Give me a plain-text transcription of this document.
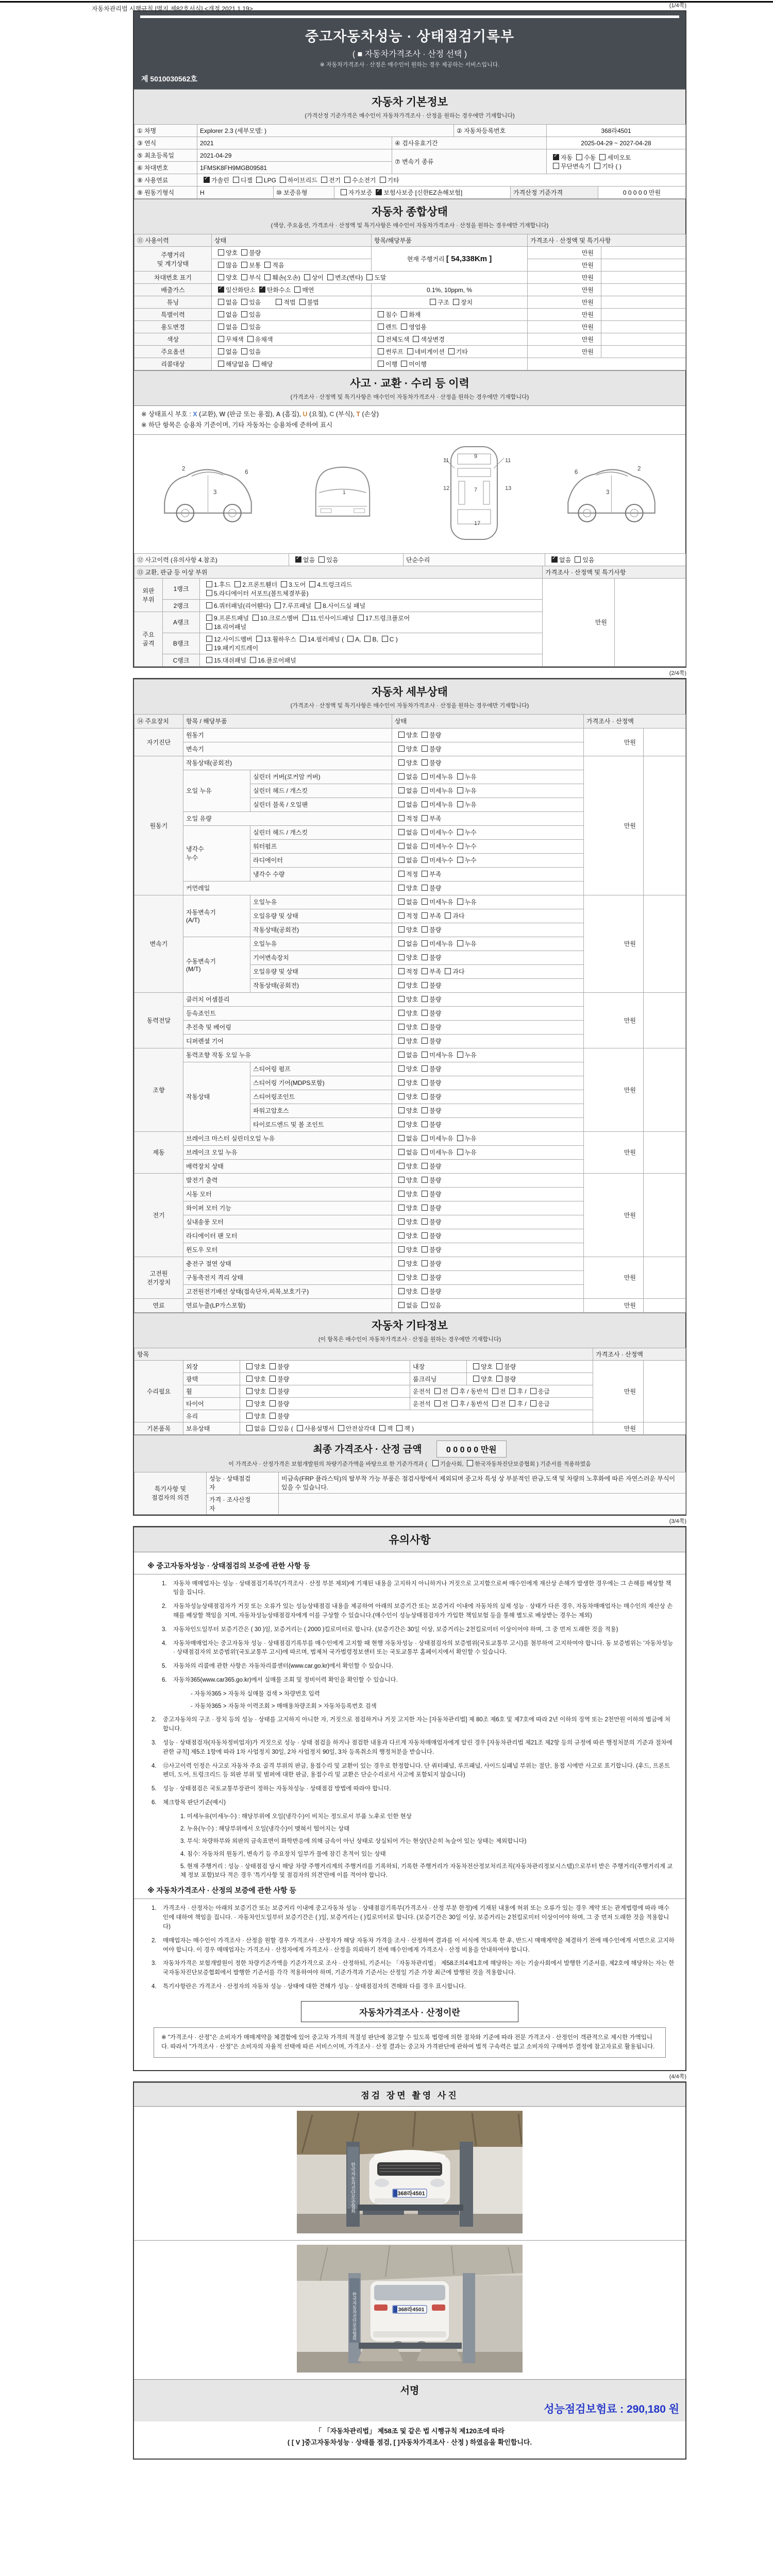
자동차관리법 시행규칙 [별지 제82호서식] <개정 2021.1.19>	(1/4쪽)
중고자동차성능 · 상태점검기록부
( ■ 자동차가격조사 · 산정 선택 )
※ 자동차가격조사 · 산정은 매수인이 원하는 경우 제공하는 서비스입니다.
제 5010030562호
자동차 기본정보
(가격산정 기준가격은 매수인이 자동차가격조사 · 산정을 원하는 경우에만 기재합니다)
① 차명	Explorer 2.3 (세부모델: )	② 자동차등록번호	368라4501
③ 연식	2021	④ 검사유효기간	2025-04-29 ~ 2027-04-28
⑤ 최초등록일	2021-04-29	⑦ 변속기 종류	✓자동 수동 세미오토
무단변속기 기타 ( )
⑥ 차대번호	1FMSK8FH9MGB09581		
⑧ 사용연료	✓가솔린 디젤 LPG 하이브리드 전기 수소전기 기타
⑨ 원동기형식	H	⑩ 보증유형	자가보증 ✓ 보험사보증 [신한EZ손해보험]	가격산정 기준가격	0 0 0 0 0 만원
자동차 종합상태
(색상, 주요옵션, 가격조사 · 산정액 및 특기사항은 매수인이 자동차가격조사 · 산정을 원하는 경우에만 기재합니다)
⑪ 사용이력	상태	항목/해당부품	가격조사 · 산정액 및 특기사항	
주행거리
및 계기상태	양호 불량	현재 주행거리 [ 54,338Km ]	만원	
	많음 보통 적음		만원	
차대번호 표기	양호 부식 훼손(오손) 상이 변조(변타) 도말		만원	
배출가스	✓일산화탄소 ✓ 탄화수소 매연	0.1%, 10ppm, %	만원	
튜닝	없음 있음 적법 불법	구조 장치	만원	
특별이력	없음 있음	침수 화재	만원	
용도변경	없음 있음	렌트 영업용	만원	
색상	무채색 유채색	전체도색 색상변경	만원	
주요옵션	없음 있음	썬루프 네비게이션 기타	만원	
리콜대상	해당없음 해당	이행 미이행		
사고 · 교환 · 수리 등 이력
(가격조사 · 산정액 및 특기사항은 매수인이 자동차가격조사 · 산정을 원하는 경우에만 기재합니다)
※ 상태표시 부호 : X (교환), W (판금 또는 용접), A (흠집), U (요철), C (부식), T (손상)
※ 하단 항목은 승용차 기준이며, 기타 자동차는 승용차에 준하여 표시
2
3
6
1
11
9
11
12	7	13
17
2
3
6
⑫ 사고이력 (유의사항 4.참조)	✓없음 있음	단순수리	✓없음 있음
⑬ 교환, 판금 등 이상 부위			가격조사 · 산정액 및 특기사항	
외판
부위	1랭크	1.후드 2.프론트휀더 3.도어 4.트렁크리드
5.라디에이터 서포트(볼트체결부품)	만원	
	2랭크	6.쿼터패널(리어휀다) 7.루프패널 8.사이드실 패널		
주요
골격	A랭크	9.프론트패널 10.크로스멤버 11.인사이드패널 17.트렁크플로어
18.리어패널		
	B랭크	12.사이드멤버 13.휠하우스 14.필러패널 ( A, B, C )
19.패키지트레이		
	C랭크	15.대쉬패널 16.플로어패널		
(2/4쪽)
자동차 세부상태
(가격조사 · 산정액 및 특기사항은 매수인이 자동차가격조사 · 산정을 원하는 경우에만 기재합니다)
⑭ 주요장치	항목 / 해당부품		상태	가격조사 · 산정액	
자기진단	원동기		양호 불량	만원	
	변속기		양호 불량		
원동기	작동상태(공회전)		양호 불량	만원	
	오일 누유	실린더 커버(로커암 커버)	없음 미세누유 누유		
		실린더 헤드 / 개스킷	없음 미세누유 누유		
		실린더 블록 / 오일팬	없음 미세누유 누유		
	오일 유량		적정 부족		
	냉각수
누수	실린더 헤드 / 개스킷	없음 미세누수 누수		
		워터펌프	없음 미세누수 누수		
		라디에이터	없음 미세누수 누수		
		냉각수 수량	적정 부족		
	커먼레일		양호 불량		
변속기	자동변속기
(A/T)	오일누유	없음 미세누유 누유	만원	
		오일유량 및 상태	적정 부족 과다		
		작동상태(공회전)	양호 불량		
	수동변속기
(M/T)	오일누유	없음 미세누유 누유		
		기어변속장치	양호 불량		
		오일유량 및 상태	적정 부족 과다		
		작동상태(공회전)	양호 불량		
동력전달	클러치 어셈블리		양호 불량	만원	
	등속죠인트		양호 불량		
	추진축 및 베어링		양호 불량		
	디퍼렌셜 기어		양호 불량		
조향	동력조향 작동 오일 누유		없음 미세누유 누유	만원	
	작동상태	스티어링 펌프	양호 불량		
		스티어링 기어(MDPS포함)	양호 불량		
		스티어링조인트	양호 불량		
		파워고압호스	양호 불량		
		타이로드엔드 및 볼 조인트	양호 불량		
제동	브레이크 마스터 실린더오일 누유		없음 미세누유 누유	만원	
	브레이크 오일 누유		없음 미세누유 누유		
	배력장치 상태		양호 불량		
전기	발전기 출력		양호 불량	만원	
	시동 모터		양호 불량		
	와이퍼 모터 기능		양호 불량		
	실내송풍 모터		양호 불량		
	라디에이터 팬 모터		양호 불량		
	윈도우 모터		양호 불량		
고전원
전기장치	충전구 절연 상태		양호 불량	만원	
	구동축전지 격리 상태		양호 불량		
	고전원전기배선 상태(접속단자,피복,보호기구)		양호 불량		
연료	연료누출(LP가스포함)		없음 있음	만원	
자동차 기타정보
(이 항목은 매수인이 자동차가격조사 · 산정을 원하는 경우에만 기재합니다)
항목					가격조사 · 산정액	
수리필요	외장	양호 불량	내장	양호 불량	만원	
	광택	양호 불량	룸크리닝	양호 불량		
	휠	양호 불량	운전석 전 후 / 동반석 전 후 / 응급			
	타이어	양호 불량	운전석 전 후 / 동반석 전 후 / 응급			
	유리	양호 불량				
기본품목	보유상태	없음 있음 ( 사용설명서 안전삼각대 잭 잭 )			만원	
최종 가격조사 · 산정 금액	0 0 0 0 0 만원
이 가격조사 · 산정가격은 보험개발원의 차량기준가액을 바탕으로 한 기준가격과 ( 기술사회, 한국자동차진단보증협회 ) 기준서를 적용하였음
특기사항 및
점검자의 의견	성능 · 상태점검
자	비금속(FRP 플라스틱)의 탈부착 가능 부품은 점검사항에서 제외되며 중고차 특성 상 부분적인 판금,도색 및 차량의 노후화에 따른 자연스러운 부식이 있을 수 있습니다.
	가격 · 조사산정
자	

(3/4쪽)
유의사항
※ 중고자동차성능 · 상태점검의 보증에 관한 사항 등
1.	자동차 매매업자는 성능 · 상태점검기록부(가격조사 · 산정 부분 제외)에 기재된 내용을 고지하지 아니하거나 거짓으로 고지함으로써 매수인에게 재산상 손해가 발생한 경우에는 그 손해를 배상할 책임을 집니다.
2.	자동차성능상태점검자가 거짓 또는 오류가 있는 성능상태점검 내용을 제공하여 아래의 보증기간 또는 보증거리 이내에 자동차의 실제 성능 · 상태가 다른 경우, 자동차매매업자는 매수인의 재산상 손해를 배상할 책임을 지며, 자동차성능상태점검자에게 이를 구상할 수 있습니다.(매수인이 성능상태점검자가 가입한 책임보험 등을 통해 별도로 배상받는 경우는 제외)
3.	자동차인도일부터 보증기간은 ( 30 )일, 보증거리는 ( 2000 )킬로미터로 합니다. (보증기간은 30일 이상, 보증거리는 2천킬로미터 이상이어야 하며, 그 중 먼저 도래한 것을 적용)
4.	자동차매매업자는 중고자동차 성능 · 상태점검기록부를 매수인에게 고지할 때 현행 자동차성능 · 상태점검자의 보증범위(국토교통부 고시)를 첨부하여 고지하여야 합니다. 동 보증범위는 '자동차성능 · 상태점검자의 보증범위'(국토교통부 고시)에 따르며, 법제처 국가법령정보센터 또는 국토교통부 홈페이지에서 확인할 수 있습니다.
5.	자동차의 리콜에 관한 사항은 자동차리콜센터(www.car.go.kr)에서 확인할 수 있습니다.
6.	자동차365(www.car365.go.kr)에서 실매물 조회 및 정비이력 확인을 확인할 수 있습니다.
- 자동차365 > 자동차 실매물 검색 > 차량번호 입력
- 자동차365 > 자동차 이력조회 > 매매용차량조회 > 자동차등록번호 검색
2.	중고자동차의 구조 · 장치 등의 성능 · 상태를 고지하지 아니한 자, 거짓으로 점검하거나 거짓 고지한 자는 [자동차관리법] 제 80조 제6호 및 제7호에 따라 2년 이하의 징역 또는 2천만원 이하의 벌금에 처합니다.
3.	성능 · 상태점검자(자동차정비업자)가 거짓으로 성능 · 상태 점검을 하거나 점검한 내용과 다르게 자동차매매업자에게 알린 경우 [자동차관리법 제21조 제2항 등의 규정에 따른 행정처분의 기준과 절차에 관한 규칙] 제5조 1항에 따라 1차 사업정지 30일, 2차 사업정지 90일, 3차 등록취소의 행정처분을 받습니다.
4.	⑫사고이력 인정은 사고로 자동차 주요 골격 부위의 판금, 용접수리 및 교환이 있는 경우로 한정합니다. 단 쿼터패널, 루프패널, 사이드실패널 부위는 절단, 용접 시에만 사고로 표기합니다. (후드, 프론트펜더, 도어, 트렁크리드 등 외판 부위 및 범퍼에 대한 판금, 용접수리 및 교환은 단순수리로서 사고에 포함되지 않습니다)
5.	성능 · 상태점검은 국토교통부장관이 정하는 자동차성능 · 상태점검 방법에 따라야 합니다.
6.	체크항목 판단기준(예시)
1. 미세누유(미세누수) : 해당부위에 오일(냉각수)이 비치는 정도로서 부품 노후로 인한 현상
2. 누유(누수) : 해당부위에서 오일(냉각수)이 맺혀서 떨어지는 상태
3. 부식: 차량하부와 외판의 금속표면이 화학반응에 의해 금속이 아닌 상태로 상실되어 가는 현상(단순히 녹슬어 있는 상태는 제외합니다)
4. 침수: 자동차의 원동기, 변속기 등 주요장치 일부가 물에 잠긴 흔적이 있는 상태
5. 현재 주행거리 : 성능 · 상태점검 당시 해당 차량 주행거리계의 주행거리를 기록하되, 기록한 주행거리가 자동차전산정보처리조직(자동차관리정보시스템)으로부터 받은 주행거리(주행거리계 교체 정보 포함)보다 적은 경우 '특기사항 및 점검자의 의견'란에 이를 적어야 합니다.
※ 자동차가격조사 · 산정의 보증에 관한 사항 등
1.	가격조사 · 산정자는 아래의 보증기간 또는 보증거리 이내에 중고자동차 성능 · 상태점검기록부(가격조사 · 산정 부분 한정)에 기재된 내용에 허위 또는 오류가 있는 경우 계약 또는 관계법령에 따라 매수인에 대하여 책임을 집니다. · 자동차인도일부터 보증기간은 ( )일, 보증거리는 ( )킬로미터로 합니다. (보증기간은 30일 이상, 보증거리는 2천킬로미터 이상이어야 하며, 그 중 먼저 도래한 것을 적용합니다)
2.	매매업자는 매수인이 가격조사 · 산정을 원할 경우 가격조사 · 산정자가 해당 자동차 가격을 조사 · 산정하여 결과를 이 서식에 적도록 한 후, 반드시 매매계약을 체결하기 전에 매수인에게 서면으로 고지하여야 합니다. 이 경우 매매업자는 가격조사 · 산정자에게 가격조사 · 산정을 의뢰하기 전에 매수인에게 가격조사 · 산정 비용을 안내하여야 합니다.
3.	자동차가격은 보험개발원이 정한 차량기준가액을 기준가격으로 조사 · 산정하되, 기준서는 「자동차관리법」 제58조의4제1호에 해당하는 자는 기술사회에서 발행한 기준서를, 제2호에 해당하는 자는 한국자동차진단보증협회에서 발행한 기준서를 각각 적용하여야 하며, 기준가격과 기준서는 산정일 기준 가장 최근에 발행된 것을 적용합니다.
4.	특기사항란은 가격조사 · 산정자의 자동차 성능 · 상태에 대한 견해가 성능 · 상태점검자의 견해와 다를 경우 표시합니다.
자동차가격조사 · 산정이란
※ "가격조사 · 산정"은 소비자가 매매계약을 체결함에 있어 중고차 가격의 적절성 판단에 참고할 수 있도록 법령에 의한 절차와 기준에 따라 전문 가격조사 · 산정인이 객관적으로 제시한 가액입니다. 따라서 "가격조사 · 산정"은 소비자의 자율적 선택에 따른 서비스이며, 가격조사 · 산정 결과는 중고차 가격판단에 관하여 법적 구속력은 없고 소비자의 구매여부 결정에 참고자료로 활용됩니다.
(4/4쪽)
점검 장면 촬영 사진
한국자동차진단보증협회	368라4501
한국자동차진단보증협회	368라4501
서명
성능점검보험료 : 290,180 원
「 「자동차관리법」 제58조 및 같은 법 시행규칙 제120조에 따라
( [ V ]중고자동차성능 · 상태를 점검, [ ]자동차가격조사 · 산정 ) 하였음을 확인합니다.
